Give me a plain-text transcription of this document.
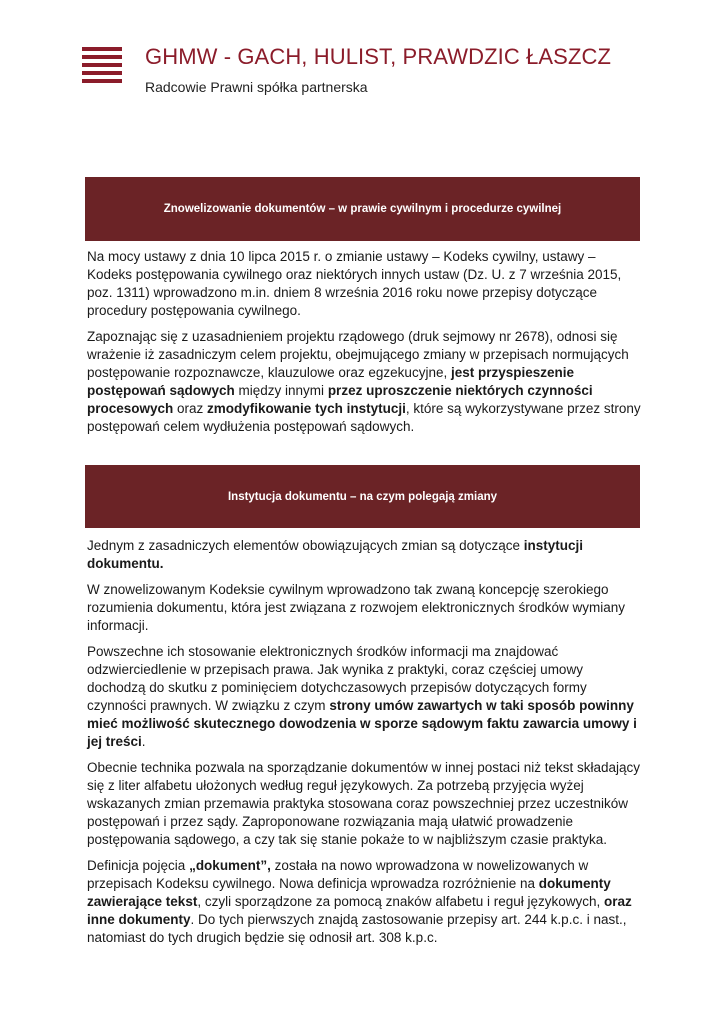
GHMW - GACH, HULIST, PRAWDZIC ŁASZCZ
Radcowie Prawni spółka partnerska
Znowelizowanie dokumentów – w prawie cywilnym i procedurze cywilnej

Na mocy ustawy z dnia 10 lipca 2015 r. o zmianie ustawy – Kodeks cywilny, ustawy – Kodeks postępowania cywilnego oraz niektórych innych ustaw (Dz. U. z 7 września 2015, poz. 1311) wprowadzono m.in. dniem 8 września 2016 roku nowe przepisy dotyczące procedury postępowania cywilnego.

Zapoznając się z uzasadnieniem projektu rządowego (druk sejmowy nr 2678), odnosi się wrażenie iż zasadniczym celem projektu, obejmującego zmiany w przepisach normujących postępowanie rozpoznawcze, klauzulowe oraz egzekucyjne, jest przyspieszenie postępowań sądowych między innymi przez uproszczenie niektórych czynności procesowych oraz zmodyfikowanie tych instytucji, które są wykorzystywane przez strony postępowań celem wydłużenia postępowań sądowych.

Instytucja dokumentu – na czym polegają zmiany

Jednym z zasadniczych elementów obowiązujących zmian są dotyczące instytucji dokumentu.

W znowelizowanym Kodeksie cywilnym wprowadzono tak zwaną koncepcję szerokiego rozumienia dokumentu, która jest związana z rozwojem elektronicznych środków wymiany informacji.

Powszechne ich stosowanie elektronicznych środków informacji ma znajdować odzwierciedlenie w przepisach prawa. Jak wynika z praktyki, coraz częściej umowy dochodzą do skutku z pominięciem dotychczasowych przepisów dotyczących formy czynności prawnych. W związku z czym strony umów zawartych w taki sposób powinny mieć możliwość skutecznego dowodzenia w sporze sądowym faktu zawarcia umowy i jej treści.

Obecnie technika pozwala na sporządzanie dokumentów w innej postaci niż tekst składający się z liter alfabetu ułożonych według reguł językowych. Za potrzebą przyjęcia wyżej wskazanych zmian przemawia praktyka stosowana coraz powszechniej przez uczestników postępowań i przez sądy. Zaproponowane rozwiązania mają ułatwić prowadzenie postępowania sądowego, a czy tak się stanie pokaże to w najbliższym czasie praktyka.

Definicja pojęcia „dokument”, została na nowo wprowadzona w nowelizowanych w przepisach Kodeksu cywilnego. Nowa definicja wprowadza rozróżnienie na dokumenty zawierające tekst, czyli sporządzone za pomocą znaków alfabetu i reguł językowych, oraz inne dokumenty. Do tych pierwszych znajdą zastosowanie przepisy art. 244 k.p.c. i nast., natomiast do tych drugich będzie się odnosił art. 308 k.p.c.
